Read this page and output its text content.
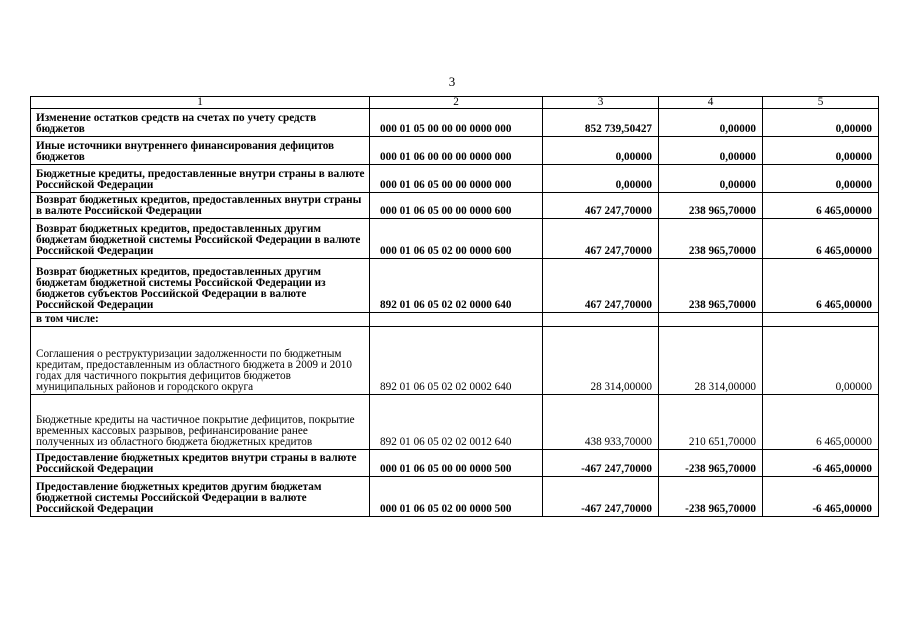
3
1	2	3	4	5
Изменение остатков средств на счетах по учету средств бюджетов	000 01 05 00 00 00 0000 000	852 739,50427	0,00000	0,00000
Иные источники внутреннего финансирования дефицитов бюджетов	000 01 06 00 00 00 0000 000	0,00000	0,00000	0,00000
Бюджетные кредиты, предоставленные внутри страны в валюте Российской Федерации	000 01 06 05 00 00 0000 000	0,00000	0,00000	0,00000
Возврат бюджетных кредитов, предоставленных внутри страны в валюте Российской Федерации	000 01 06 05 00 00 0000 600	467 247,70000	238 965,70000	6 465,00000
Возврат бюджетных кредитов, предоставленных другим бюджетам бюджетной системы Российской Федерации в валюте Российской Федерации	000 01 06 05 02 00 0000 600	467 247,70000	238 965,70000	6 465,00000
Возврат бюджетных кредитов, предоставленных другим бюджетам бюджетной системы Российской Федерации из бюджетов субъектов Российской Федерации в валюте Российской Федерации	892 01 06 05 02 02 0000 640	467 247,70000	238 965,70000	6 465,00000
в том числе:				
Соглашения о реструктуризации задолженности по бюджетным кредитам, предоставленным из областного бюджета в 2009 и 2010 годах для частичного покрытия дефицитов бюджетов муниципальных районов и городского округа	892 01 06 05 02 02 0002 640	28 314,00000	28 314,00000	0,00000
Бюджетные кредиты на частичное покрытие дефицитов, покрытие временных кассовых разрывов, рефинансирование ранее полученных из областного бюджета бюджетных кредитов	892 01 06 05 02 02 0012 640	438 933,70000	210 651,70000	6 465,00000
Предоставление бюджетных кредитов внутри страны в валюте Российской Федерации	000 01 06 05 00 00 0000 500	-467 247,70000	-238 965,70000	-6 465,00000
Предоставление бюджетных кредитов другим бюджетам бюджетной системы Российской Федерации в валюте Российской Федерации	000 01 06 05 02 00 0000 500	-467 247,70000	-238 965,70000	-6 465,00000
